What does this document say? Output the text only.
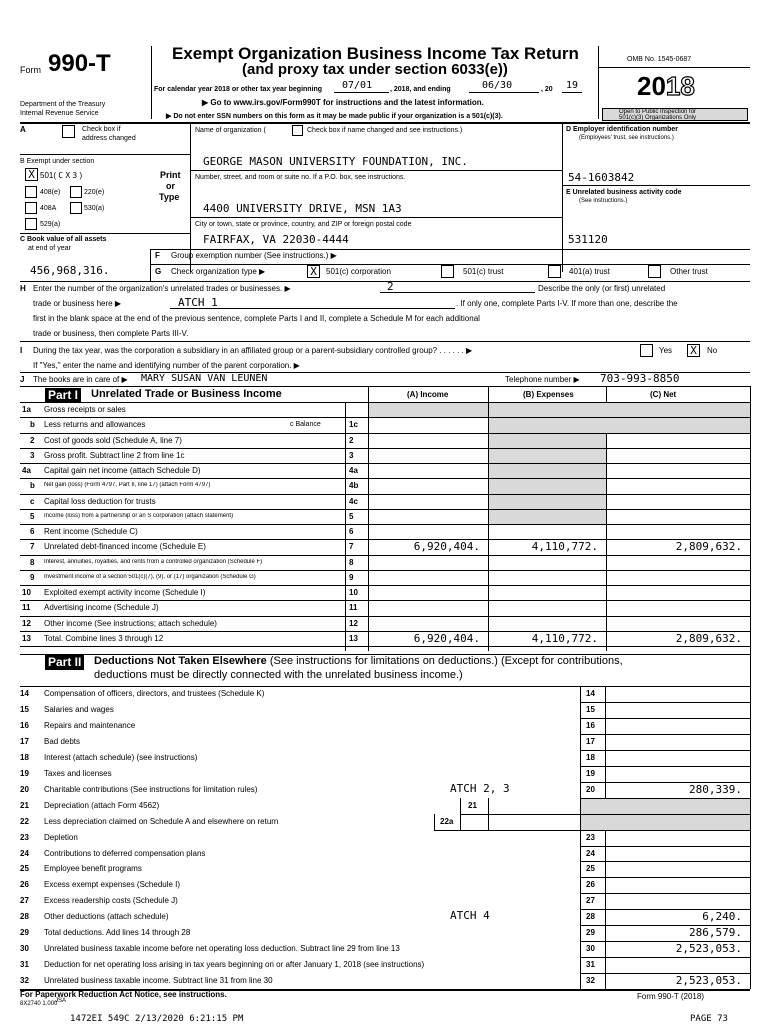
Form 990-T
Department of the Treasury
Internal Revenue Service
Exempt Organization Business Income Tax Return
(and proxy tax under section 6033(e))
For calendar year 2018 or other tax year beginning 07/01	, 2018, and ending	06/30	, 20 19
▶ Go to www.irs.gov/Form990T for instructions and the latest information.
▶ Do not enter SSN numbers on this form as it may be made public if your organization is a 501(c)(3).
OMB No. 1545-0687
2018
Open to Public Inspection for
501(c)(3) Organizations Only
A	Check box if
address changed
Name of organization (	Check box if name changed and see instructions.)
GEORGE MASON UNIVERSITY FOUNDATION, INC.
D Employer identification number
(Employees' trust, see instructions.)
54-1603842
B Exempt under section
X 501( C X 3 )
408(e)	220(e)
408A	530(a)
529(a)
Print
or
Type
Number, street, and room or suite no. If a P.O. box, see instructions.
4400 UNIVERSITY DRIVE, MSN 1A3
E Unrelated business activity code
(See instructions.)
City or town, state or province, country, and ZIP or foreign postal code
FAIRFAX, VA 22030-4444	531120
C Book value of all assets
at end of year
F Group exemption number (See instructions.) ▶
456,968,316.	G Check organization type ▶	X	501(c) corporation	501(c) trust	401(a) trust	Other trust
H Enter the number of the organization's unrelated trades or businesses. ▶	2	Describe the only (or first) unrelated
trade or business here ▶	ATCH 1	. If only one, complete Parts I-V. If more than one, describe the
first in the blank space at the end of the previous sentence, complete Parts I and II, complete a Schedule M for each additional
trade or business, then complete Parts III-V.
I During the tax year, was the corporation a subsidiary in an affiliated group or a parent-subsidiary controlled group? . . . . . . ▶	Yes X	No
If "Yes," enter the name and identifying number of the parent corporation. ▶
J The books are in care of ▶ MARY SUSAN VAN LEUNEN	Telephone number ▶ 703-993-8850
Part I Unrelated Trade or Business Income	(A) Income	(B) Expenses	(C) Net
Part II Deductions Not Taken Elsewhere (See instructions for limitations on deductions.) (Except for contributions,
deductions must be directly connected with the unrelated business income.)
For Paperwork Reduction Act Notice, see instructions.
8X2740 1.000
JSA	Form 990-T (2018)
1472EI 549C 2/13/2020 6:21:15 PM	PAGE 73
1a Gross receipts or sales
b Less returns and allowances	1c
2 Cost of goods sold (Schedule A, line 7)	2
3 Gross profit. Subtract line 2 from line 1c	3
4a Capital gain net income (attach Schedule D)	4a
b Net gain (loss) (Form 4797, Part II, line 17) (attach Form 4797)	4b
c Capital loss deduction for trusts	4c
5 Income (loss) from a partnership or an S corporation (attach statement)	5
6 Rent income (Schedule C)	6
7 Unrelated debt-financed income (Schedule E)	7	6,920,404.	4,110,772.	2,809,632.
8 Interest, annuities, royalties, and rents from a controlled organization (Schedule F)	8
9 Investment income of a section 501(c)(7), (9), or (17) organization (Schedule G)	9
10 Exploited exempt activity income (Schedule I)	10
11 Advertising income (Schedule J)	11
12 Other income (See instructions; attach schedule)	12
13 Total. Combine lines 3 through 12	13	6,920,404.	4,110,772.	2,809,632.
c Balance
14 Compensation of officers, directors, and trustees (Schedule K)	14
15 Salaries and wages	15
16 Repairs and maintenance	16
17 Bad debts	17
18 Interest (attach schedule) (see instructions)	18
19 Taxes and licenses	19
20 Charitable contributions (See instructions for limitation rules)	20	280,339.
ATCH 2, 3
21 Depreciation (attach Form 4562)	21
22 Less depreciation claimed on Schedule A and elsewhere on return	22a
23 Depletion	23
24 Contributions to deferred compensation plans	24
25 Employee benefit programs	25
26 Excess exempt expenses (Schedule I)	26
27 Excess readership costs (Schedule J)	27
28 Other deductions (attach schedule)	28	6,240.
ATCH 4
29 Total deductions. Add lines 14 through 28	29	286,579.
30 Unrelated business taxable income before net operating loss deduction. Subtract line 29 from line 13	30	2,523,053.
31 Deduction for net operating loss arising in tax years beginning on or after January 1, 2018 (see instructions)	31
32 Unrelated business taxable income. Subtract line 31 from line 30	32	2,523,053.
